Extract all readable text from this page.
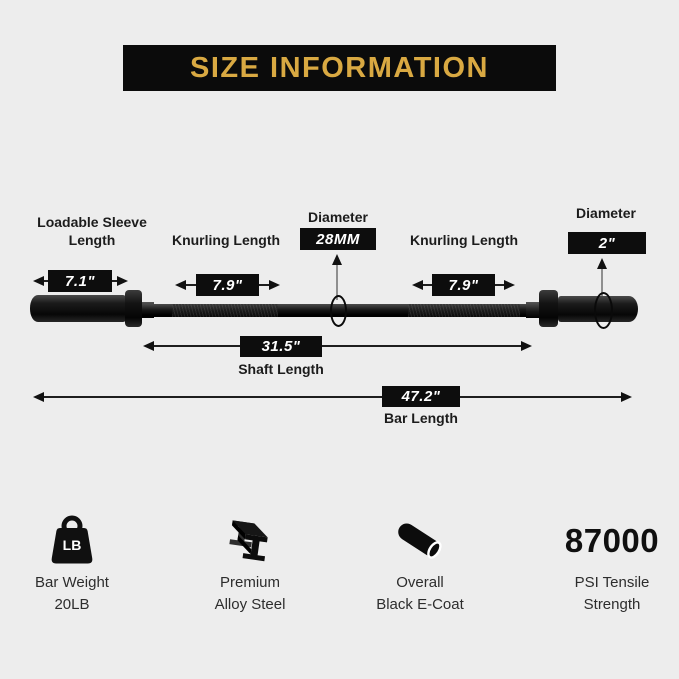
SIZE INFORMATION
Loadable Sleeve Length	Knurling Length
Diameter
Knurling Length
Diameter
28MM	2"
7.1"	7.9"	7.9"
31.5"
Shaft Length
47.2"
Bar Length
LB
Bar Weight
20LB
Premium
Alloy Steel
Overall
Black E-Coat
87000
PSI Tensile
Strength
